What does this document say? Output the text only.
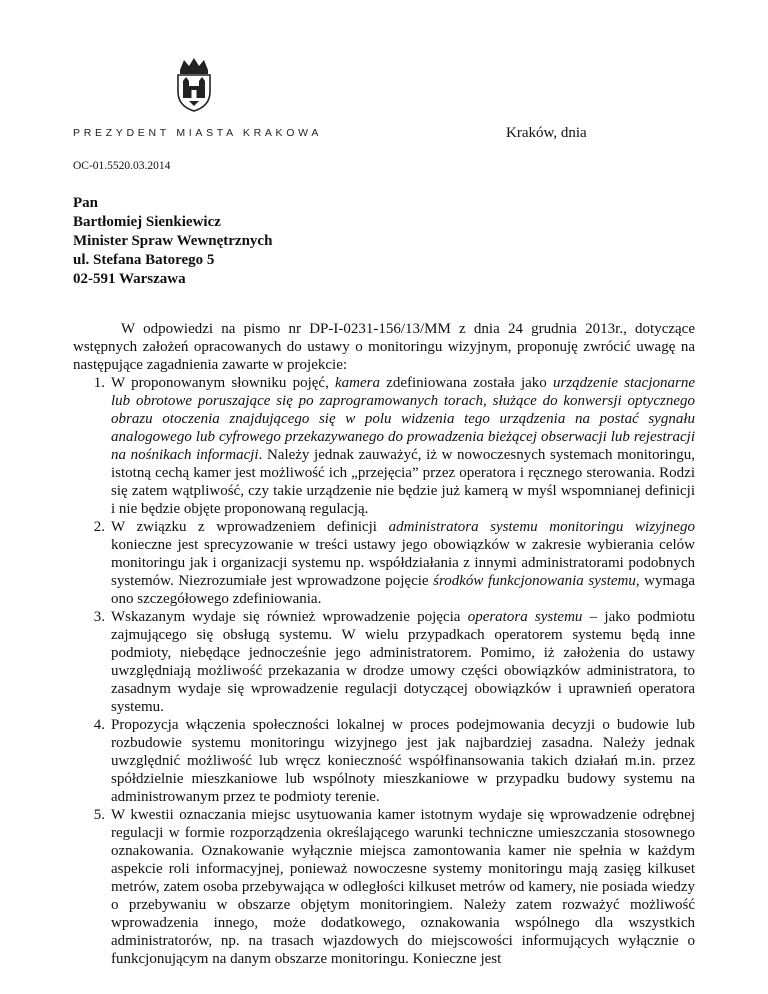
PREZYDENT MIASTA KRAKOWA	Kraków, dnia
OC-01.5520.03.2014
Pan
Bartłomiej Sienkiewicz
Minister Spraw Wewnętrznych
ul. Stefana Batorego 5
02-591 Warszawa

W odpowiedzi na pismo nr DP-I-0231-156/13/MM z dnia 24 grudnia 2013r., dotyczące wstępnych założeń opracowanych do ustawy o monitoringu wizyjnym, proponuję zwrócić uwagę na następujące zagadnienia zawarte w projekcie:

1. W proponowanym słowniku pojęć, kamera zdefiniowana została jako urządzenie stacjonarne lub obrotowe poruszające się po zaprogramowanych torach, służące do konwersji optycznego obrazu otoczenia znajdującego się w polu widzenia tego urządzenia na postać sygnału analogowego lub cyfrowego przekazywanego do prowadzenia bieżącej obserwacji lub rejestracji na nośnikach informacji. Należy jednak zauważyć, iż w nowoczesnych systemach monitoringu, istotną cechą kamer jest możliwość ich „przejęcia” przez operatora i ręcznego sterowania. Rodzi się zatem wątpliwość, czy takie urządzenie nie będzie już kamerą w myśl wspomnianej definicji i nie będzie objęte proponowaną regulacją.
2. W związku z wprowadzeniem definicji administratora systemu monitoringu wizyjnego konieczne jest sprecyzowanie w treści ustawy jego obowiązków w zakresie wybierania celów monitoringu jak i organizacji systemu np. współdziałania z innymi administratorami podobnych systemów. Niezrozumiałe jest wprowadzone pojęcie środków funkcjonowania systemu, wymaga ono szczegółowego zdefiniowania.
3. Wskazanym wydaje się również wprowadzenie pojęcia operatora systemu – jako podmiotu zajmującego się obsługą systemu. W wielu przypadkach operatorem systemu będą inne podmioty, niebędące jednocześnie jego administratorem. Pomimo, iż założenia do ustawy uwzględniają możliwość przekazania w drodze umowy części obowiązków administratora, to zasadnym wydaje się wprowadzenie regulacji dotyczącej obowiązków i uprawnień operatora systemu.
4. Propozycja włączenia społeczności lokalnej w proces podejmowania decyzji o budowie lub rozbudowie systemu monitoringu wizyjnego jest jak najbardziej zasadna. Należy jednak uwzględnić możliwość lub wręcz konieczność współfinansowania takich działań m.in. przez spółdzielnie mieszkaniowe lub wspólnoty mieszkaniowe w przypadku budowy systemu na administrowanym przez te podmioty terenie.
5. W kwestii oznaczania miejsc usytuowania kamer istotnym wydaje się wprowadzenie odrębnej regulacji w formie rozporządzenia określającego warunki techniczne umieszczania stosownego oznakowania. Oznakowanie wyłącznie miejsca zamontowania kamer nie spełnia w każdym aspekcie roli informacyjnej, ponieważ nowoczesne systemy monitoringu mają zasięg kilkuset metrów, zatem osoba przebywająca w odległości kilkuset metrów od kamery, nie posiada wiedzy o przebywaniu w obszarze objętym monitoringiem. Należy zatem rozważyć możliwość wprowadzenia innego, może dodatkowego, oznakowania wspólnego dla wszystkich administratorów, np. na trasach wjazdowych do miejscowości informujących wyłącznie o funkcjonującym na danym obszarze monitoringu. Konieczne jest
